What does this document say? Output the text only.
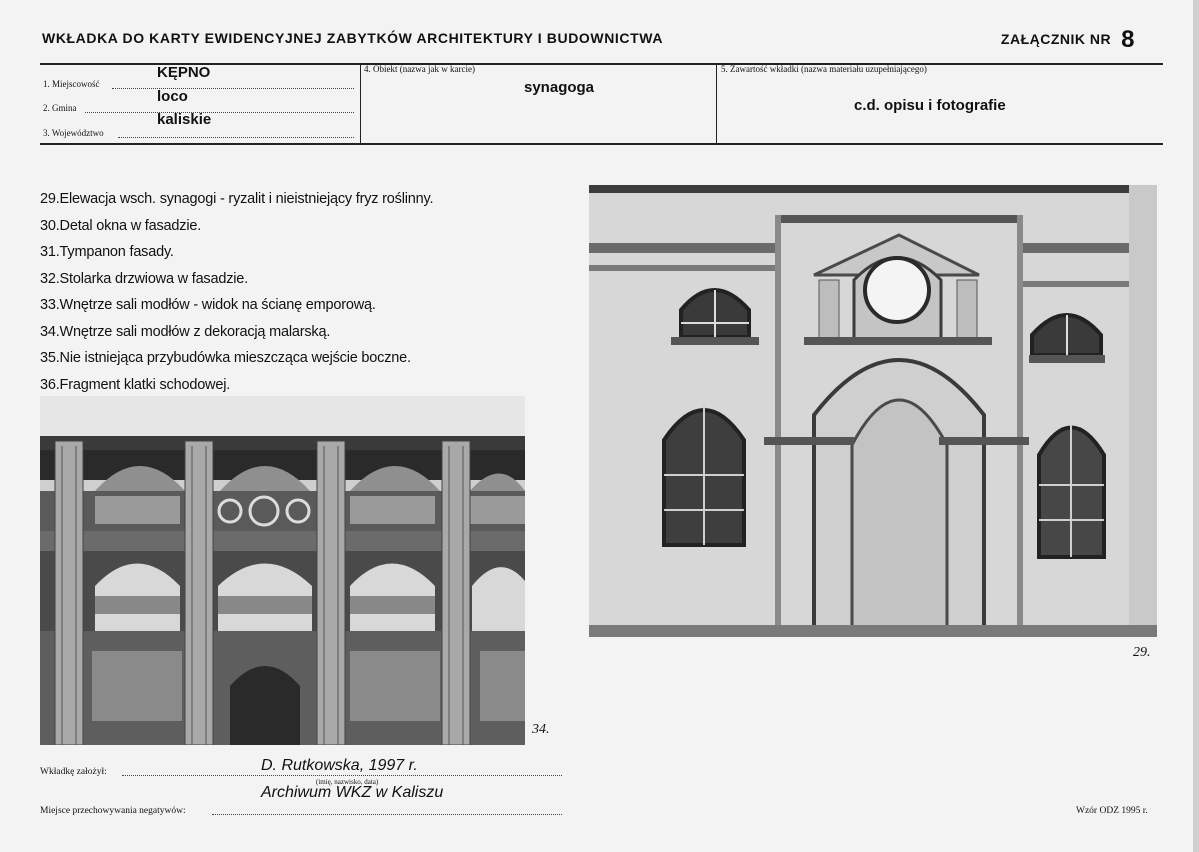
WKŁADKA DO KARTY EWIDENCYJNEJ ZABYTKÓW ARCHITEKTURY I BUDOWNICTWA	ZAŁĄCZNIK NR 8
1. Miejscowość
KĘPNO
2. Gmina
loco
3. Województwo
kaliskie
4. Obiekt (nazwa jak w karcie)
synagoga
5. Zawartość wkładki (nazwa materiału uzupełniającego)
c.d. opisu i fotografie
29.Elewacja wsch. synagogi - ryzalit i nieistniejący fryz roślinny.
30.Detal okna w fasadzie.
31.Tympanon fasady.
32.Stolarka drzwiowa w fasadzie.
33.Wnętrze sali modłów - widok na ścianę emporową.
34.Wnętrze sali modłów z dekoracją malarską.
35.Nie istniejąca przybudówka mieszcząca wejście boczne.
36.Fragment klatki schodowej.
34.
29.
Wkładkę założył:	D. Rutkowska, 1997 r.
(imię, nazwisko, data)
Miejsce przechowywania negatywów:
Archiwum WKZ w Kaliszu
Wzór ODZ 1995 r.
